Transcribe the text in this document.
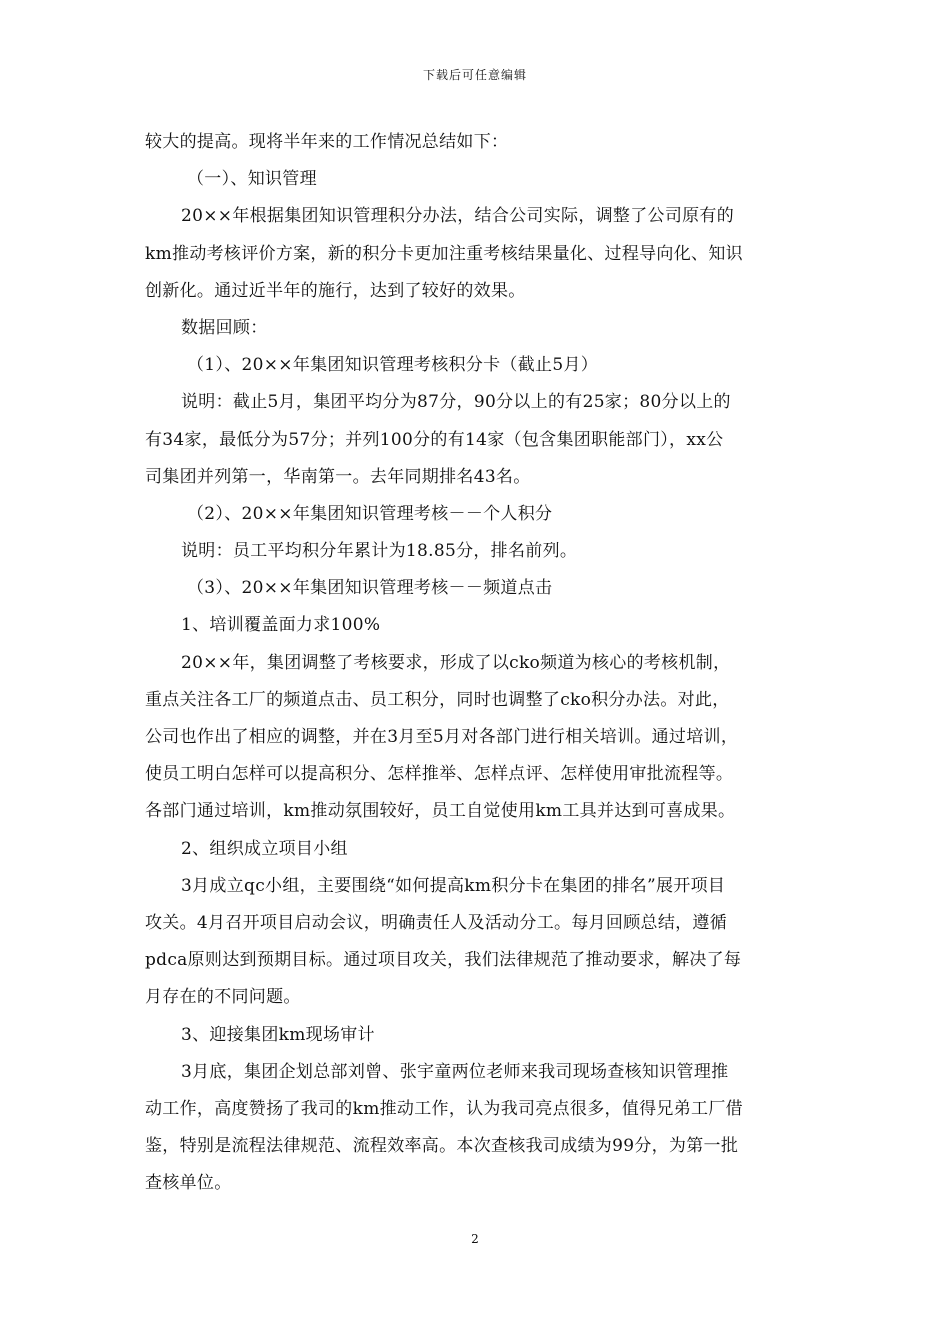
下载后可任意编辑
较大的提高。现将半年来的工作情况总结如下：
（一）、知识管理
20××年根据集团知识管理积分办法，结合公司实际，调整了公司原有的
km推动考核评价方案，新的积分卡更加注重考核结果量化、过程导向化、知识
创新化。通过近半年的施行，达到了较好的效果。
数据回顾：
（1）、20××年集团知识管理考核积分卡（截止5月）
说明：截止5月，集团平均分为87分，90分以上的有25家；80分以上的
有34家，最低分为57分；并列100分的有14家（包含集团职能部门），xx公
司集团并列第一，华南第一。去年同期排名43名。
（2）、20××年集团知识管理考核－－个人积分
说明：员工平均积分年累计为18.85分，排名前列。
（3）、20××年集团知识管理考核－－频道点击
1、培训覆盖面力求100%
20××年，集团调整了考核要求，形成了以cko频道为核心的考核机制，
重点关注各工厂的频道点击、员工积分，同时也调整了cko积分办法。对此，
公司也作出了相应的调整，并在3月至5月对各部门进行相关培训。通过培训，
使员工明白怎样可以提高积分、怎样推举、怎样点评、怎样使用审批流程等。
各部门通过培训，km推动氛围较好，员工自觉使用km工具并达到可喜成果。
2、组织成立项目小组
3月成立qc小组，主要围绕“如何提高km积分卡在集团的排名”展开项目
攻关。4月召开项目启动会议，明确责任人及活动分工。每月回顾总结，遵循
pdca原则达到预期目标。通过项目攻关，我们法律规范了推动要求，解决了每
月存在的不同问题。
3、迎接集团km现场审计
3月底，集团企划总部刘曾、张宇童两位老师来我司现场查核知识管理推
动工作，高度赞扬了我司的km推动工作，认为我司亮点很多，值得兄弟工厂借
鉴，特别是流程法律规范、流程效率高。本次查核我司成绩为99分，为第一批
查核单位。
2
